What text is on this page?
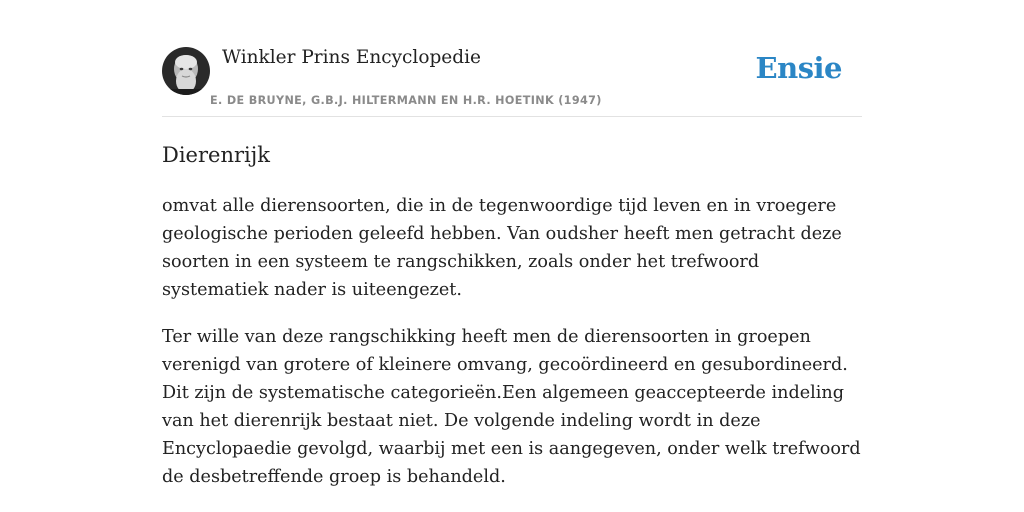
Winkler Prins Encyclopedie
E. DE BRUYNE, G.B.J. HILTERMANN EN H.R. HOETINK (1947)
Ensie
Dierenrijk

omvat alle dierensoorten, die in de tegenwoordige tijd leven en in vroegere geologische perioden geleefd hebben. Van oudsher heeft men getracht deze soorten in een systeem te rangschikken, zoals onder het trefwoord systematiek nader is uiteengezet.

Ter wille van deze rangschikking heeft men de dierensoorten in groepen verenigd van grotere of kleinere omvang, gecoördineerd en gesubordineerd. Dit zijn de systematische categorieën.Een algemeen geaccepteerde indeling van het dierenrijk bestaat niet. De volgende indeling wordt in deze Encyclopaedie gevolgd, waarbij met een is aangegeven, onder welk trefwoord de desbetreffende groep is behandeld.
